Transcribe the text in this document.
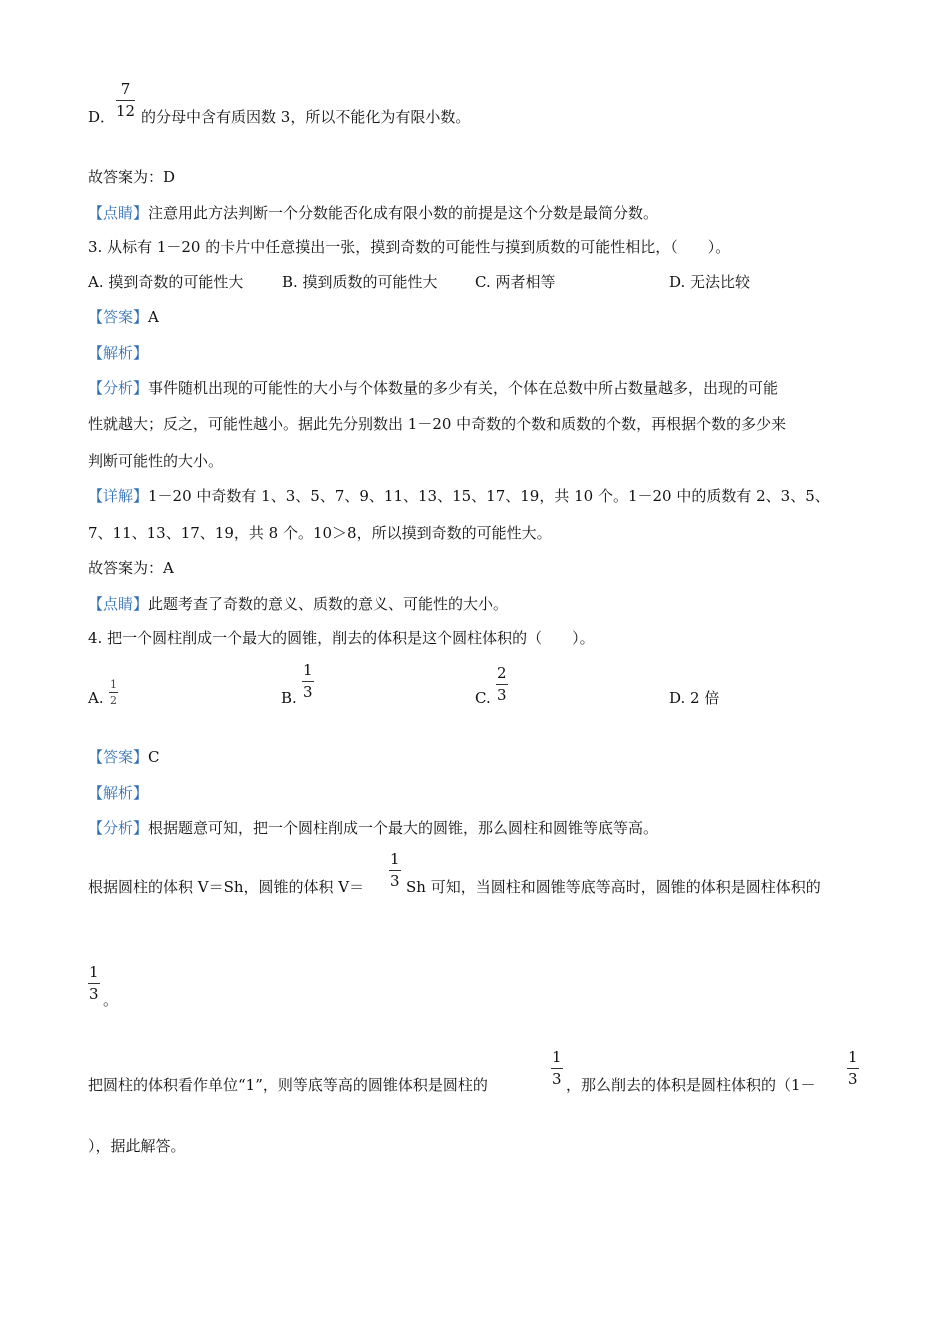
7
12
D． 的分母中含有质因数 3，所以不能化为有限小数。
故答案为：D
【点睛】注意用此方法判断一个分数能否化成有限小数的前提是这个分数是最简分数。
3. 从标有 1－20 的卡片中任意摸出一张，摸到奇数的可能性与摸到质数的可能性相比，（　　）。
A. 摸到奇数的可能性大	B. 摸到质数的可能性大 C. 两者相等	D. 无法比较
【答案】A
【解析】
【分析】事件随机出现的可能性的大小与个体数量的多少有关，个体在总数中所占数量越多，出现的可能
性就越大；反之，可能性越小。据此先分别数出 1－20 中奇数的个数和质数的个数，再根据个数的多少来
判断可能性的大小。
【详解】1－20 中奇数有 1、3、5、7、9、11、13、15、17、19，共 10 个。1－20 中的质数有 2、3、5、
7、11、13、17、19，共 8 个。10＞8，所以摸到奇数的可能性大。
故答案为：A
【点睛】此题考查了奇数的意义、质数的意义、可能性的大小。
4. 把一个圆柱削成一个最大的圆锥，削去的体积是这个圆柱体积的（　　）。
A.
1
2	B.
1
3	C.
2
3	D. 2 倍
【答案】C
【解析】
【分析】根据题意可知，把一个圆柱削成一个最大的圆锥，那么圆柱和圆锥等底等高。
根据圆柱的体积 V＝Sh，圆锥的体积 V＝
1
3 Sh 可知，当圆柱和圆锥等底等高时，圆锥的体积是圆柱体积的
1
3 。
把圆柱的体积看作单位“1”，则等底等高的圆锥体积是圆柱的
1
3 ，那么削去的体积是圆柱体积的（1－
1
3
），据此解答。
